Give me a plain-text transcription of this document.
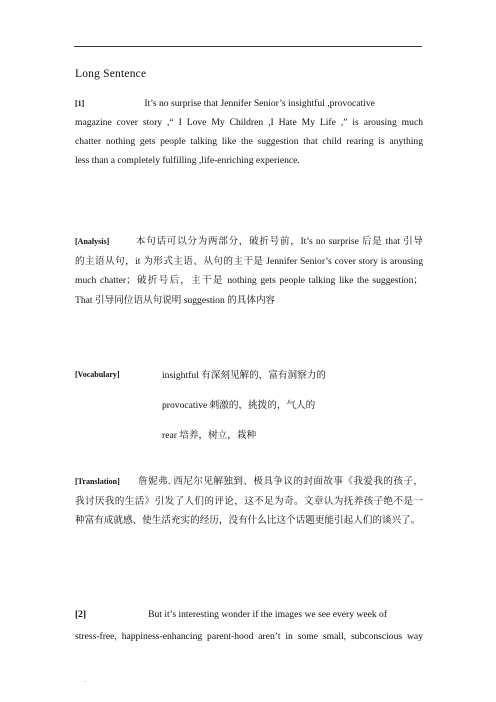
Long Sentence
[1]	It’s no surprise that Jennifer Senior’s insightful ,provocative
magazine cover story ,“ I Love My Children ,I Hate My Life ,” is arousing much
chatter nothing gets people talking like the suggestion that child rearing is anything
less than a completely fulfilling ,life-enriching experience.
[Analysis]	本句话可以分为两部分，破折号前，It’s no surprise 后是 that 引导
的主语从句，it 为形式主语、从句的主干是 Jennifer Senior’s cover story is arousing
much chatter；破折号后，主干是 nothing gets people talking like the suggestion；
That 引导同位语从句说明 suggestion 的具体内容
[Vocabulary]	insightful 有深刻见解的，富有洞察力的
provocative 刺激的，挑拨的，气人的
rear 培养，树立，栽种
[Translation] 詹妮弗. 西尼尔见解独到、极具争议的封面故事《我爱我的孩子，
我讨厌我的生活》引发了人们的评论，这不足为奇。文章认为抚养孩子绝不是一
种富有成就感、使生活充实的经历，没有什么比这个话题更能引起人们的谈兴了。
[2]	But it’s interesting wonder if the images we see every week of
stress-free, happiness-enhancing parent-hood aren’t in some small, subconscious way
.
